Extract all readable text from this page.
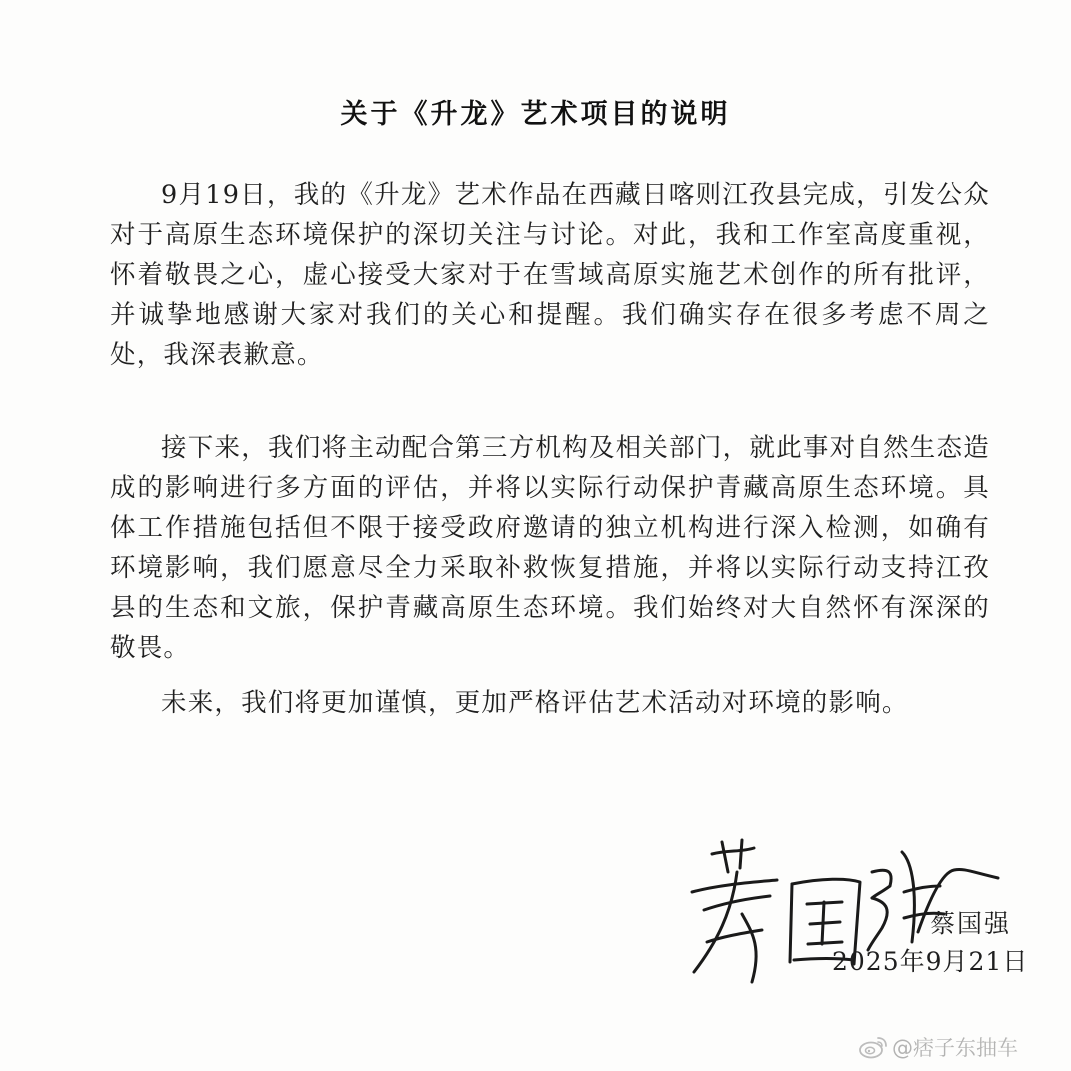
关于《升龙》艺术项目的说明

9月19日，我的《升龙》艺术作品在西藏日喀则江孜县完成，引发公众对于高原生态环境保护的深切关注与讨论。对此，我和工作室高度重视，怀着敬畏之心，虚心接受大家对于在雪域高原实施艺术创作的所有批评，并诚挚地感谢大家对我们的关心和提醒。我们确实存在很多考虑不周之处，我深表歉意。

接下来，我们将主动配合第三方机构及相关部门，就此事对自然生态造成的影响进行多方面的评估，并将以实际行动保护青藏高原生态环境。具体工作措施包括但不限于接受政府邀请的独立机构进行深入检测，如确有环境影响，我们愿意尽全力采取补救恢复措施，并将以实际行动支持江孜县的生态和文旅，保护青藏高原生态环境。我们始终对大自然怀有深深的敬畏。

未来，我们将更加谨慎，更加严格评估艺术活动对环境的影响。

蔡国强
2025年9月21日
@痞子东抽车
